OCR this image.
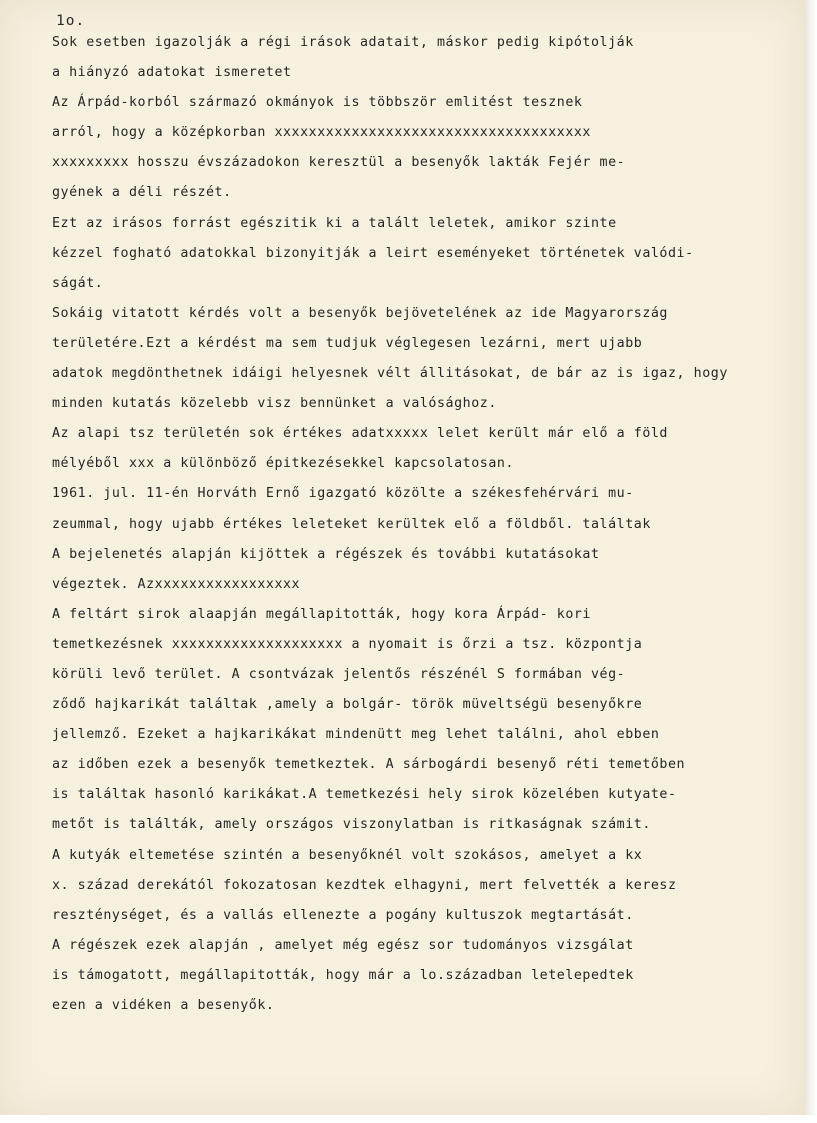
1o.
Sok esetben igazolják a régi irások adatait, máskor pedig kipótolják
a hiányzó adatokat ismeretet
Az Árpád-korból származó okmányok is többször emlitést tesznek
arról, hogy a középkorban xxxxxxxxxxxxxxxxxxxxxxxxxxxxxxxxxxxxx
xxxxxxxxx hosszu évszázadokon keresztül a besenyők lakták Fejér me-
gyének a déli részét.
Ezt az irásos forrást egészitik ki a talált leletek, amikor szinte
kézzel fogható adatokkal bizonyitják a leirt eseményeket történetek valódi-
ságát.
Sokáig vitatott kérdés volt a besenyők bejövetelének az ide Magyarország
területére.Ezt a kérdést ma sem tudjuk véglegesen lezárni, mert ujabb
adatok megdönthetnek idáigi helyesnek vélt állitásokat, de bár az is igaz, hogy
minden kutatás közelebb visz bennünket a valósághoz.
Az alapi tsz területén sok értékes adatxxxxx lelet került már elő a föld
mélyéből xxx a különböző épitkezésekkel kapcsolatosan.
1961. jul. 11-én Horváth Ernő igazgató közölte a székesfehérvári mu-
zeummal, hogy ujabb értékes leleteket kerültek elő a földből. találtak
A bejelenetés alapján kijöttek a régészek és további kutatásokat
végeztek. Azxxxxxxxxxxxxxxxxx
A feltárt sirok alaapján megállapitották, hogy kora Árpád- kori
temetkezésnek xxxxxxxxxxxxxxxxxxxx a nyomait is őrzi a tsz. központja
körüli levő terület. A csontvázak jelentős részénél S formában vég-
ződő hajkarikát találtak ,amely a bolgár- török müveltségü besenyőkre
jellemző. Ezeket a hajkarikákat mindenütt meg lehet találni, ahol ebben
az időben ezek a besenyők temetkeztek. A sárbogárdi besenyő réti temetőben
is találtak hasonló karikákat.A temetkezési hely sirok közelében kutyate-
metőt is találták, amely országos viszonylatban is ritkaságnak számit.
A kutyák eltemetése szintén a besenyőknél volt szokásos, amelyet a kx
x. század derekától fokozatosan kezdtek elhagyni, mert felvették a keresz
reszténységet, és a vallás ellenezte a pogány kultuszok megtartását.
A régészek ezek alapján , amelyet még egész sor tudományos vizsgálat
is támogatott, megállapitották, hogy már a lo.században letelepedtek
ezen a vidéken a besenyők.
